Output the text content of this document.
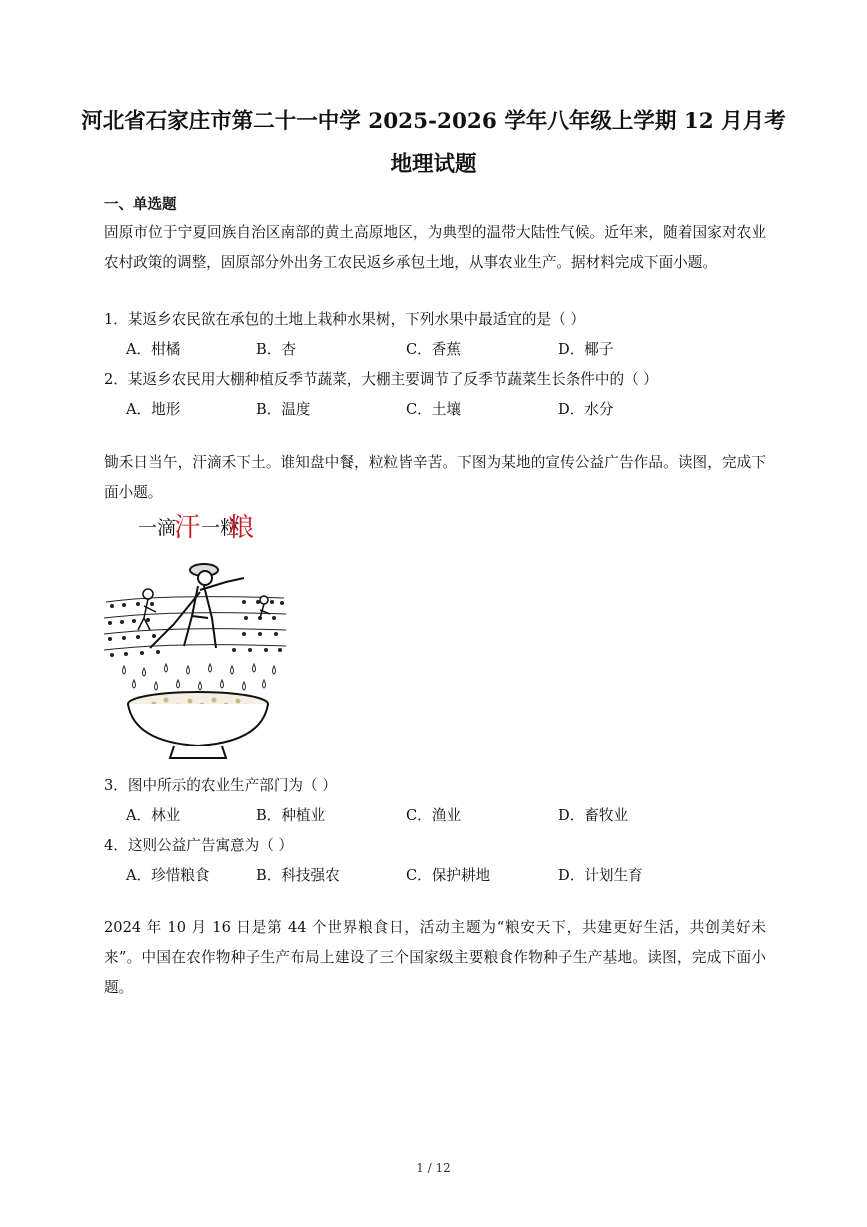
河北省石家庄市第二十一中学 2025-2026 学年八年级上学期 12 月月考
地理试题
一、单选题
固原市位于宁夏回族自治区南部的黄土高原地区，为典型的温带大陆性气候。近年来，随着国家对农业农村政策的调整，固原部分外出务工农民返乡承包土地，从事农业生产。据材料完成下面小题。
1．某返乡农民欲在承包的土地上栽种水果树，下列水果中最适宜的是（ ）
A．柑橘	B．杏	C．香蕉	D．椰子
2．某返乡农民用大棚种植反季节蔬菜，大棚主要调节了反季节蔬菜生长条件中的（ ）
A．地形	B．温度	C．土壤	D．水分
锄禾日当午，汗滴禾下土。谁知盘中餐，粒粒皆辛苦。下图为某地的宣传公益广告作品。读图，完成下面小题。
一滴
汗 一粒
粮
3．图中所示的农业生产部门为（ ）
A．林业	B．种植业	C．渔业	D．畜牧业
4．这则公益广告寓意为（ ）
A．珍惜粮食	B．科技强农	C．保护耕地	D．计划生育
2024 年 10 月 16 日是第 44 个世界粮食日，活动主题为“粮安天下，共建更好生活，共创美好未来”。中国在农作物种子生产布局上建设了三个国家级主要粮食作物种子生产基地。读图，完成下面小题。
1 / 12
